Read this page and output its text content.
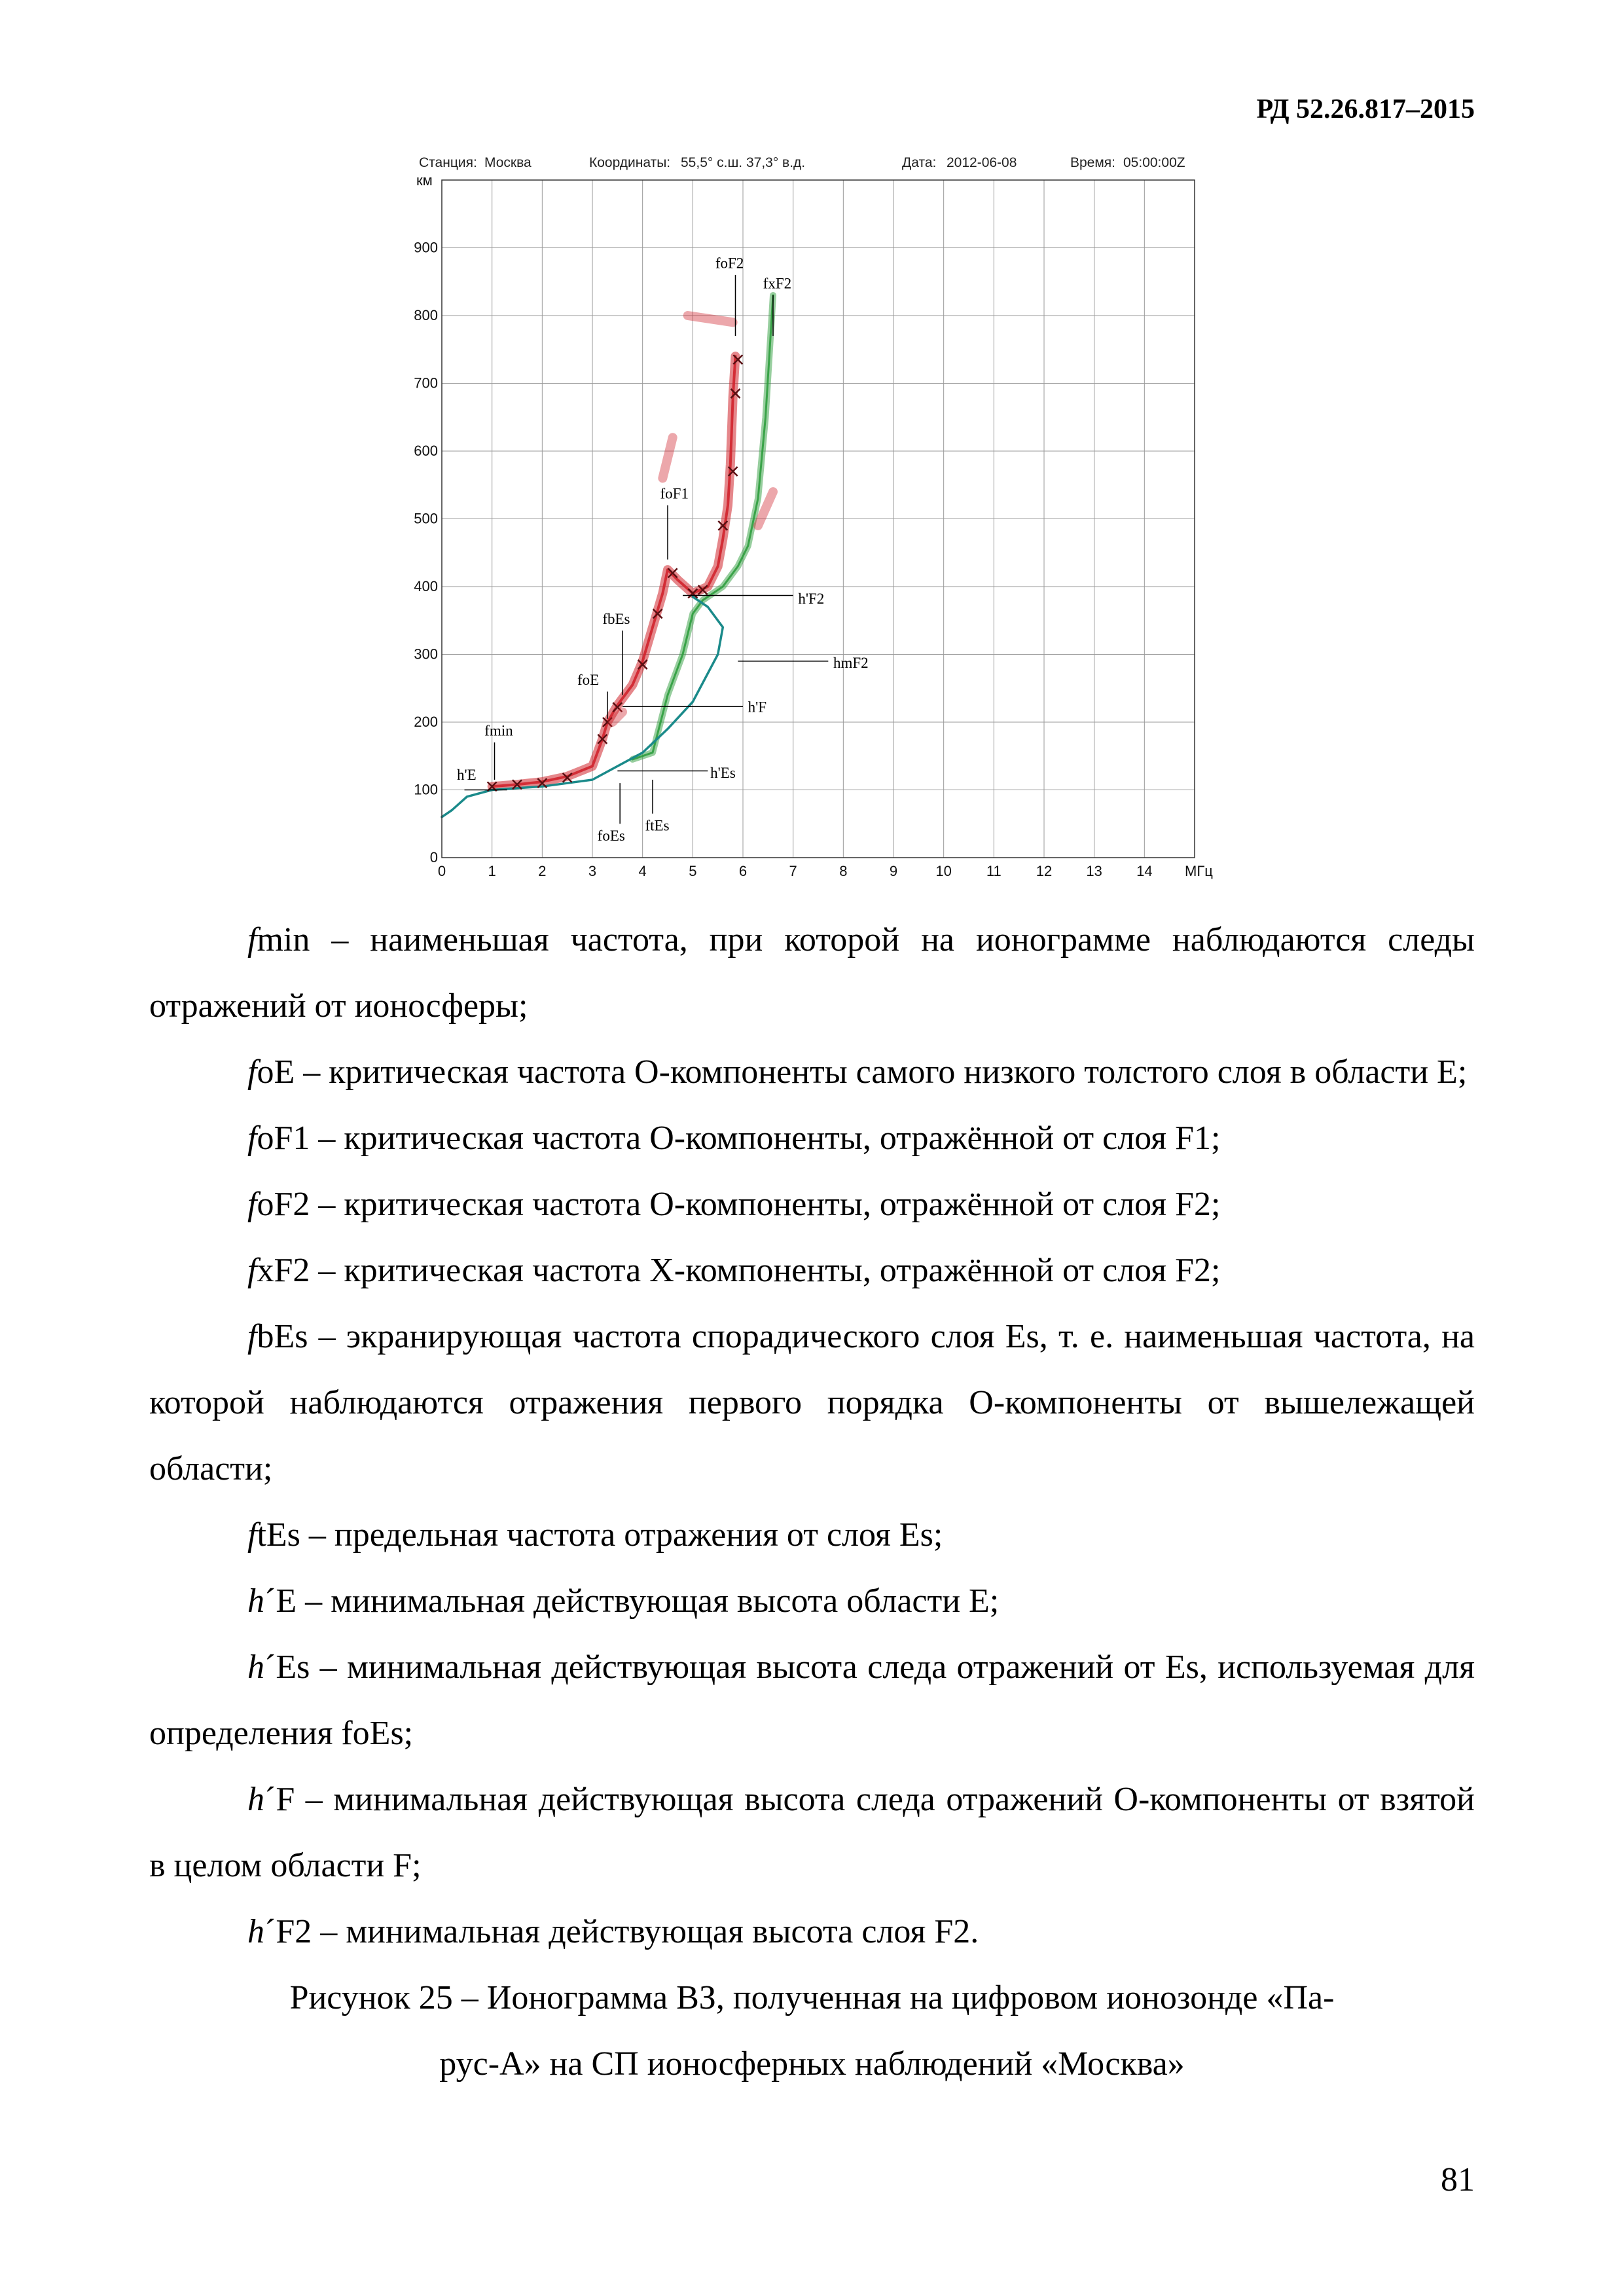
РД 52.26.817–2015
Станция: Москва	Координаты: 55,5° с.ш. 37,3° в.д.	Дата: 2012-06-08	Время: 05:00:00Z
км
МГц
0	1	2	3	4	5	6	7	8	9	10 11 12 13 14
0
100
200
300
400
500
600
700
800
900
foF2
fxF2
foF1
h'F2
fbEs
hmF2
foE
h'F
fmin
h'E	h'Es
foEs
ftEs

fmin – наименьшая частота, при которой на ионограмме наблюдаются следы отражений от ионосферы;

foE – критическая частота О-компоненты самого низкого толстого слоя в области E;

foF1 – критическая частота О-компоненты, отражённой от слоя F1;

foF2 – критическая частота О-компоненты, отражённой от слоя F2;

fxF2 – критическая частота Х-компоненты, отражённой от слоя F2;

fbEs – экранирующая частота спорадического слоя Es, т. е. наименьшая частота, на которой наблюдаются отражения первого порядка О-компоненты от вышележащей области;

ftEs – предельная частота отражения от слоя Es;

h´E – минимальная действующая высота области E;

h´Es – минимальная действующая высота следа отражений от Es, используемая для определения foEs;

h´F – минимальная действующая высота следа отражений О-компоненты от взятой в целом области F;

h´F2 – минимальная действующая высота слоя F2.

Рисунок 25 – Ионограмма ВЗ, полученная на цифровом ионозонде «Па-

рус-А» на СП ионосферных наблюдений «Москва»

81
